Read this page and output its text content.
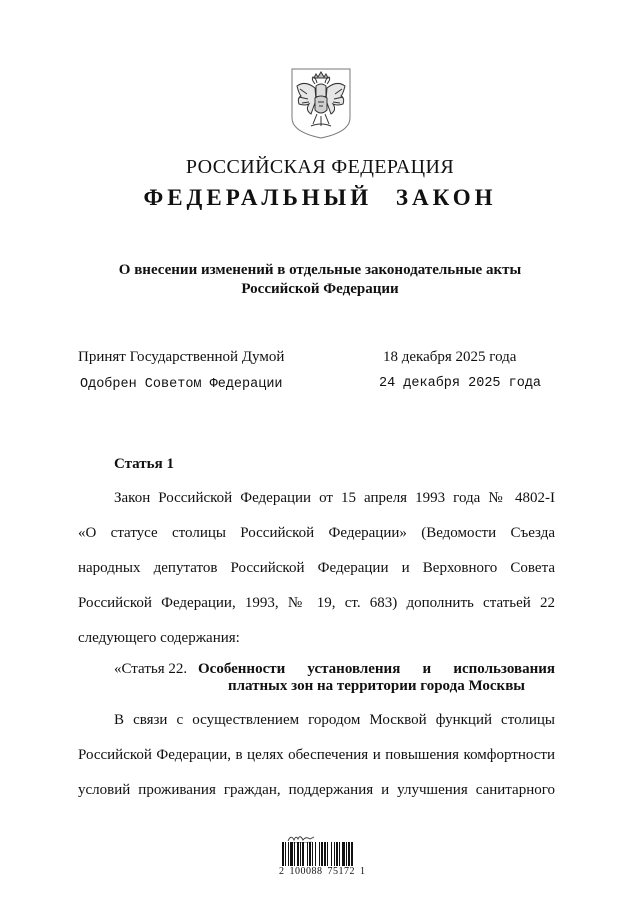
РОССИЙСКАЯ ФЕДЕРАЦИЯ
ФЕДЕРАЛЬНЫЙ ЗАКОН
О внесении изменений в отдельные законодательные акты
Российской Федерации
Принят Государственной Думой	18 декабря 2025 года
Одобрен Советом Федерации	24 декабря 2025 года
Статья 1

Закон Российской Федерации от 15 апреля 1993 года № 4802-I

«О статусе столицы Российской Федерации» (Ведомости Съезда

народных депутатов Российской Федерации и Верховного Совета

Российской Федерации, 1993, № 19, ст. 683) дополнить статьей 22

следующего содержания:

«Статья 22. Особенности установления и использования
платных зон на территории города Москвы

В связи с осуществлением городом Москвой функций столицы

Российской Федерации, в целях обеспечения и повышения комфортности

условий проживания граждан, поддержания и улучшения санитарного

2 100088 75172 1
